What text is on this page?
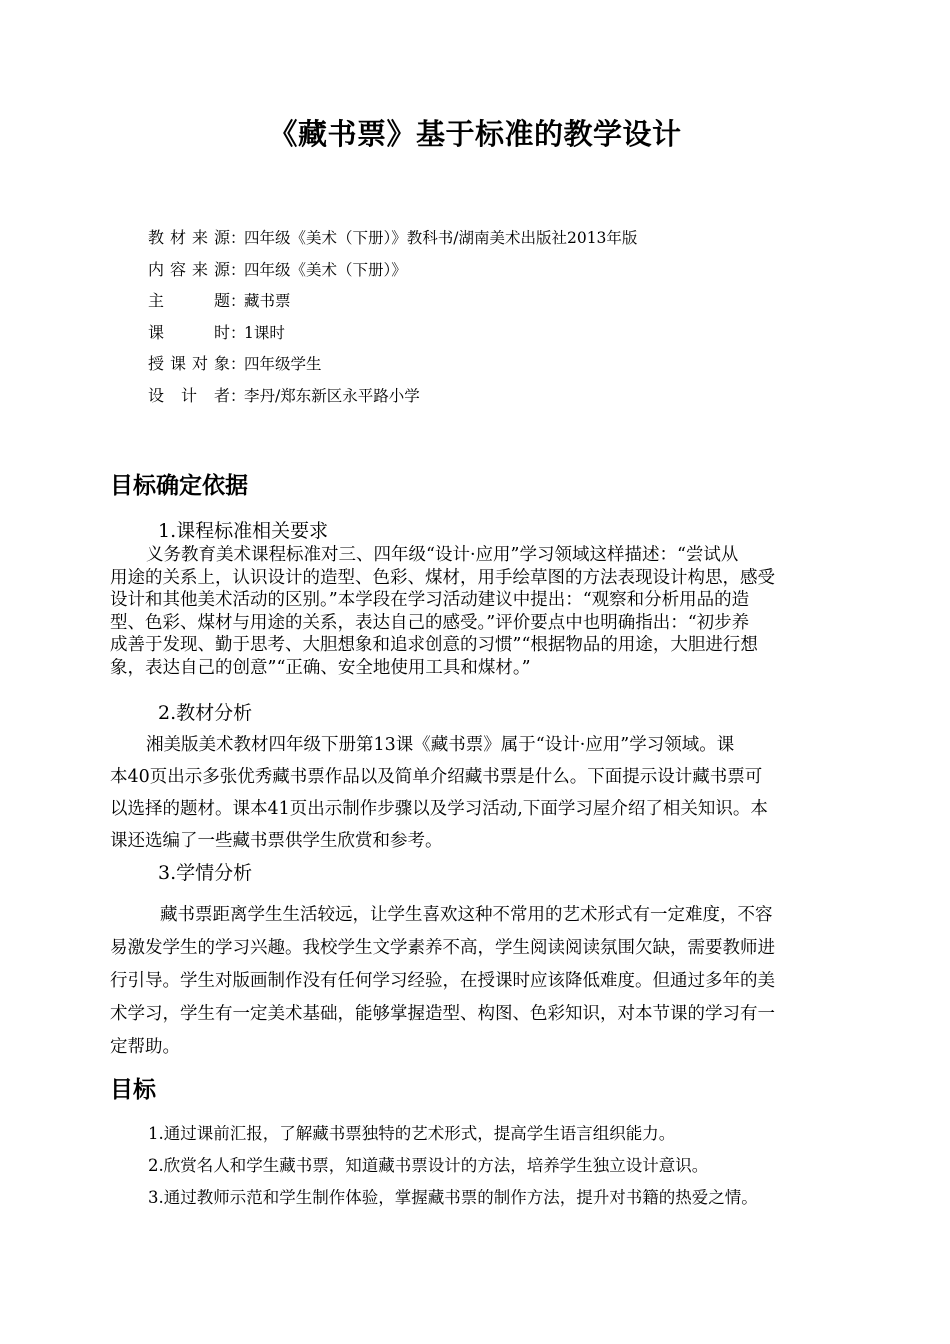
《藏书票》基于标准的教学设计
教材来源：四年级《美术（下册）》教科书/湖南美术出版社2013年版
内容来源：四年级《美术（下册）》
主题：藏书票
课时：1课时
授课对象：四年级学生
设计者：李丹/郑东新区永平路小学
目标确定依据
1.课程标准相关要求
义务教育美术课程标准对三、四年级“设计·应用”学习领域这样描述：“尝试从
用途的关系上，认识设计的造型、色彩、煤材，用手绘草图的方法表现设计构思，感受
设计和其他美术活动的区别。”本学段在学习活动建议中提出：“观察和分析用品的造
型、色彩、煤材与用途的关系，表达自己的感受。”评价要点中也明确指出：“初步养
成善于发现、勤于思考、大胆想象和追求创意的习惯”“根据物品的用途，大胆进行想
象，表达自己的创意”“正确、安全地使用工具和煤材。”
2.教材分析
湘美版美术教材四年级下册第13课《藏书票》属于“设计·应用”学习领域。课
本40页出示多张优秀藏书票作品以及简单介绍藏书票是什么。下面提示设计藏书票可
以选择的题材。课本41页出示制作步骤以及学习活动,下面学习屋介绍了相关知识。本
课还选编了一些藏书票供学生欣赏和参考。
3.学情分析
藏书票距离学生生活较远，让学生喜欢这种不常用的艺术形式有一定难度，不容
易激发学生的学习兴趣。我校学生文学素养不高，学生阅读阅读氛围欠缺，需要教师进
行引导。学生对版画制作没有任何学习经验，在授课时应该降低难度。但通过多年的美
术学习，学生有一定美术基础，能够掌握造型、构图、色彩知识，对本节课的学习有一
定帮助。
目标
1.通过课前汇报，了解藏书票独特的艺术形式，提高学生语言组织能力。
2.欣赏名人和学生藏书票，知道藏书票设计的方法，培养学生独立设计意识。
3.通过教师示范和学生制作体验，掌握藏书票的制作方法，提升对书籍的热爱之情。
